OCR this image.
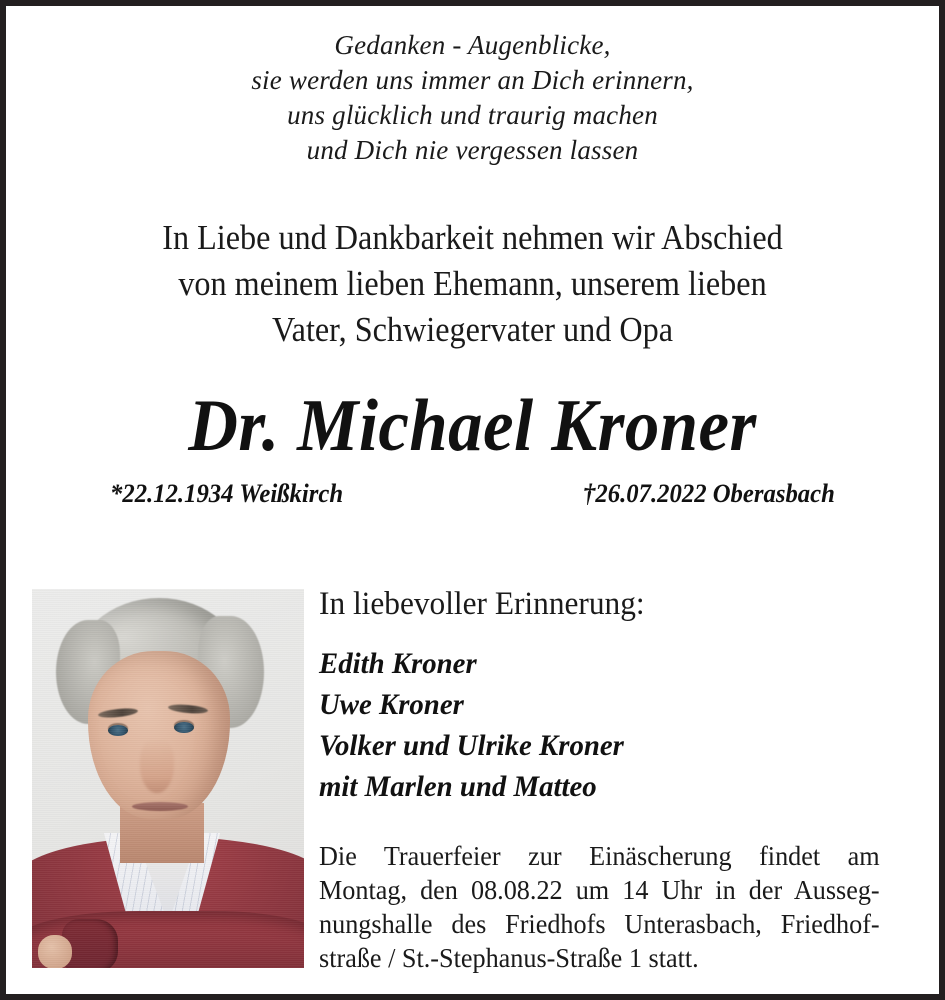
Gedanken - Augenblicke,
sie werden uns immer an Dich erinnern,
uns glücklich und traurig machen
und Dich nie vergessen lassen
In Liebe und Dankbarkeit nehmen wir Abschied
von meinem lieben Ehemann, unserem lieben
Vater, Schwiegervater und Opa
Dr. Michael Kroner
*22.12.1934 Weißkirch	†26.07.2022 Oberasbach
In liebevoller Erinnerung:
Edith Kroner
Uwe Kroner
Volker und Ulrike Kroner
mit Marlen und Matteo
Die Trauerfeier zur Einäscherung findet am
Montag, den 08.08.22 um 14 Uhr in der Ausseg-
nungshalle des Friedhofs Unterasbach, Friedhof-
straße / St.-Stephanus-Straße 1 statt.
